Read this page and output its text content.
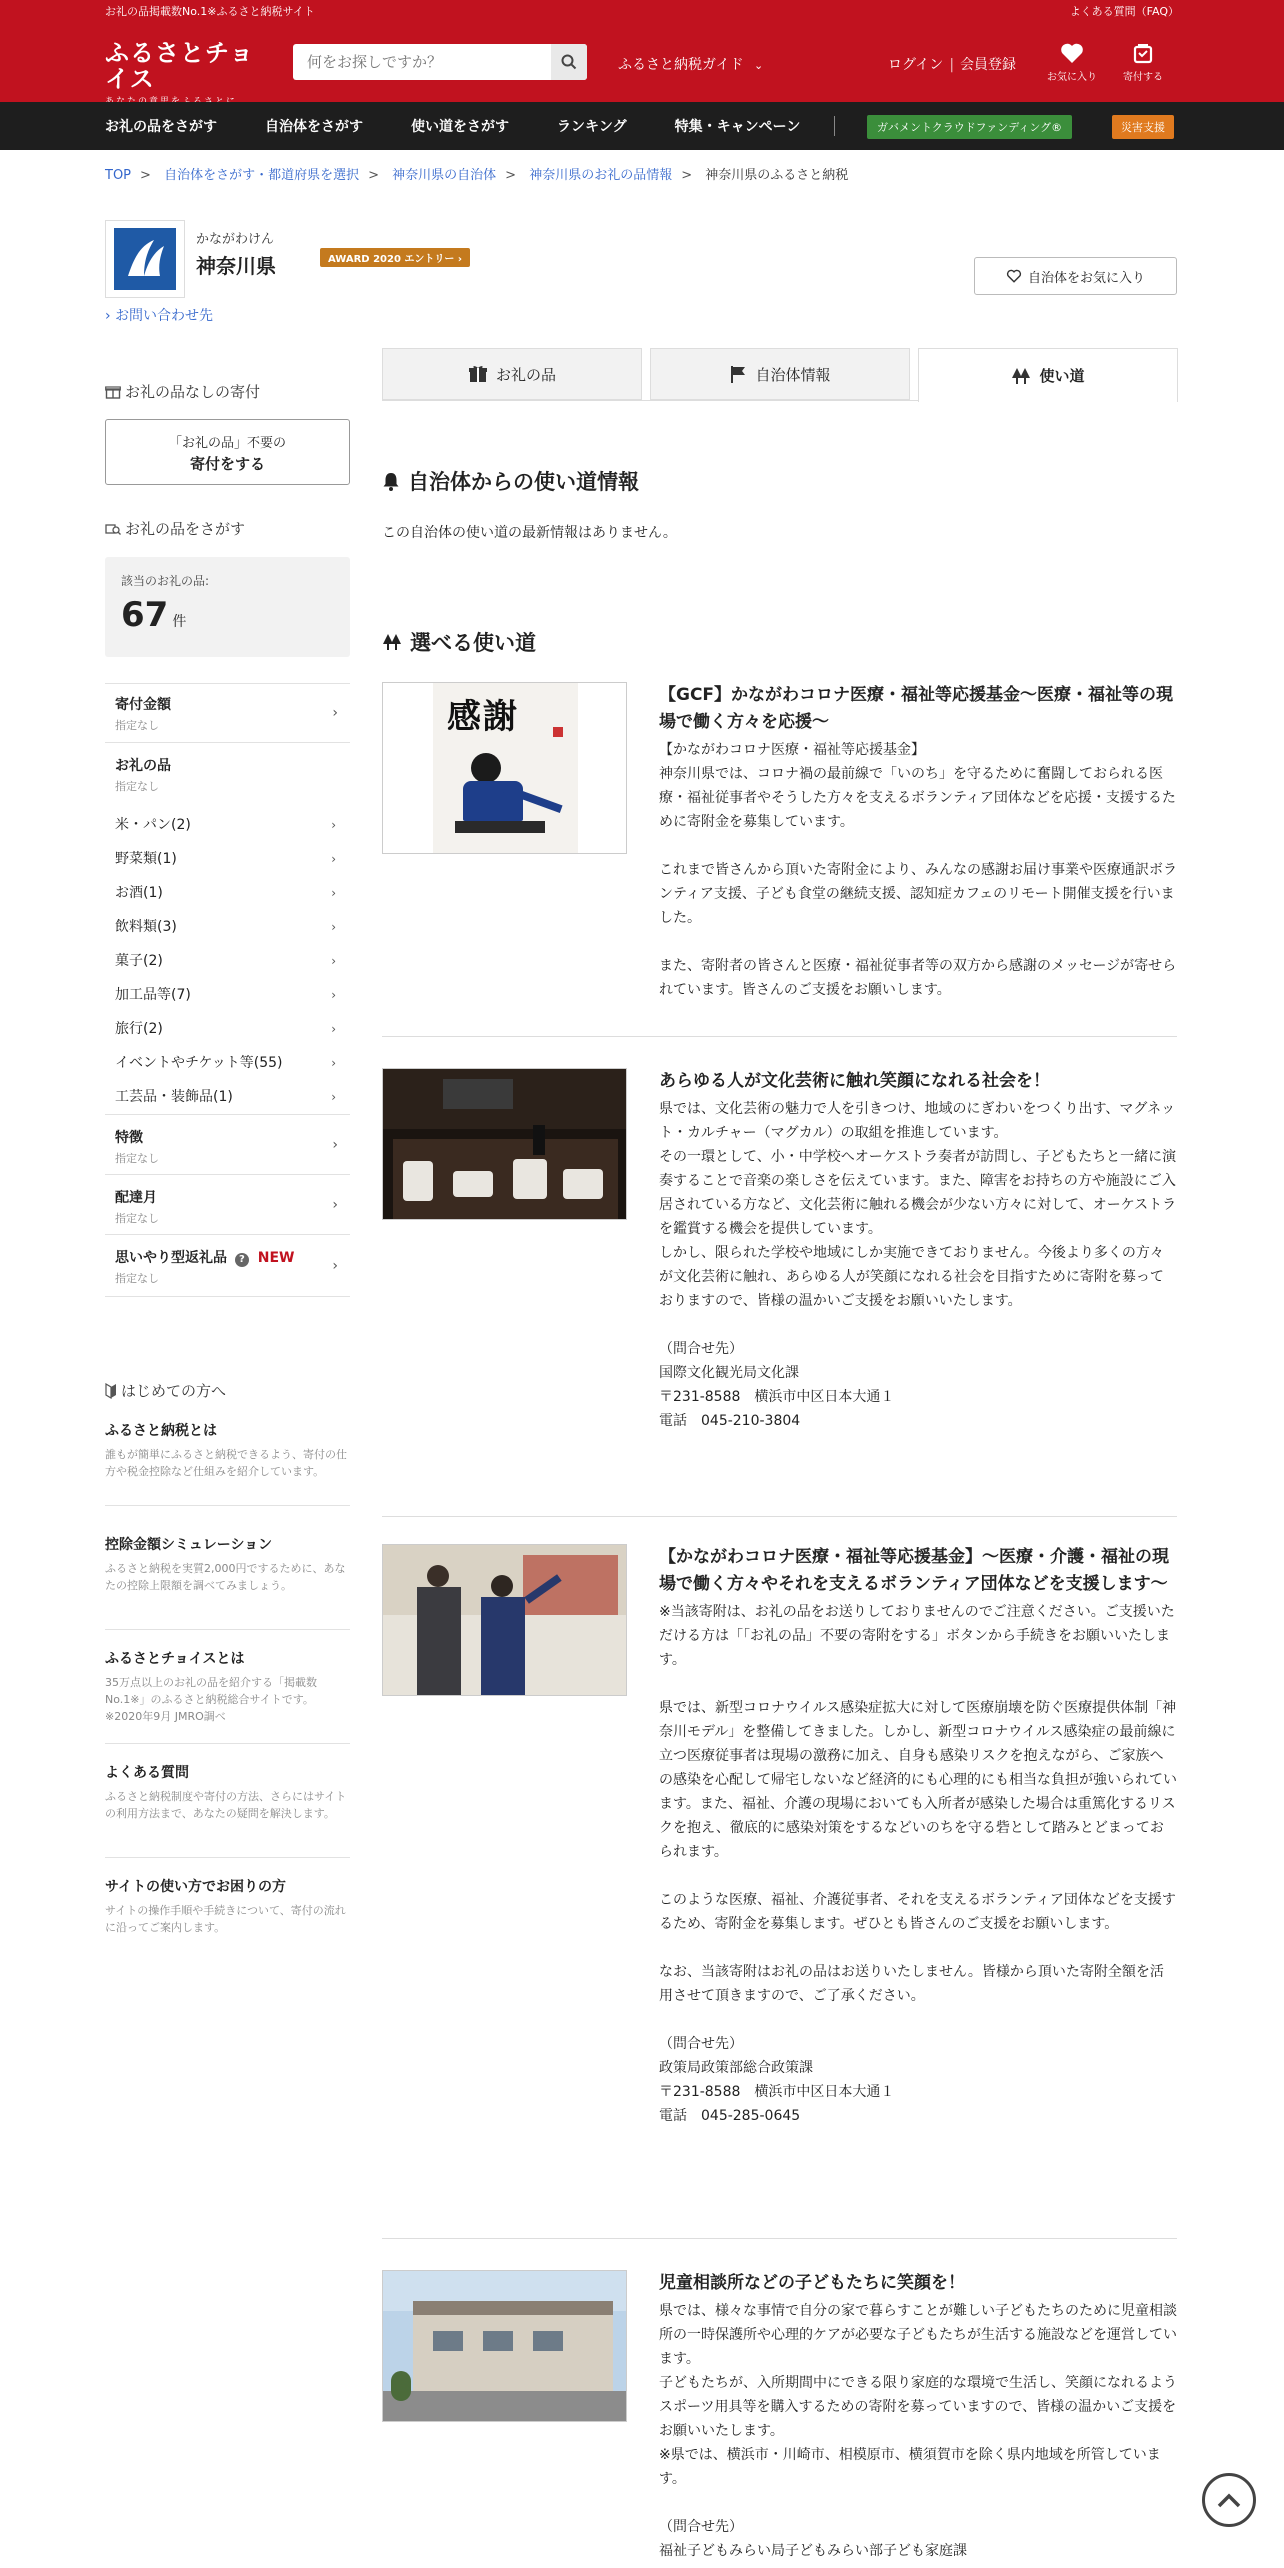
お礼の品掲載数No.1※ふるさと納税サイト	よくある質問（FAQ）
ふるさとチョイス
何をお探しですか？	ふるさと納税ガイド ⌄	ログイン | 会員登録
お気に入り	寄付する
お礼の品をさがす	自治体をさがす	使い道をさがす	ランキング	特集・キャンペーン	ガバメントクラウドファンディング®	災害支援
TOP > 自治体をさがす・都道府県を選択 > 神奈川県の自治体 > 神奈川県のお礼の品情報 > 神奈川県のふるさと納税
かながわけん
神奈川県	AWARD 2020 エントリー ›
› お問い合わせ先
自治体をお気に入り
お礼の品なしの寄付
「お礼の品」不要の
寄付をする
お礼の品をさがす
該当のお礼の品:
67 件
寄付金額
指定なし
›
お礼の品
指定なし
米・パン(2)	›
野菜類(1)	›
お酒(1)	›
飲料類(3)	›
菓子(2)	›
加工品等(7)	›
旅行(2)	›
イベントやチケット等(55)	›
工芸品・装飾品(1)	›
特徴
指定なし
›
配達月
指定なし
›
思いやり型返礼品 ? NEW
指定なし
›
はじめての方へ
ふるさと納税とは
誰もが簡単にふるさと納税できるよう、寄付の仕方や税金控除など仕組みを紹介しています。
控除金額シミュレーション
ふるさと納税を実質2,000円でするために、あなたの控除上限額を調べてみましょう。
ふるさとチョイスとは
35万点以上のお礼の品を紹介する「掲載数No.1※」のふるさと納税総合サイトです。※2020年9月 JMRO調べ
よくある質問
ふるさと納税制度や寄付の方法、さらにはサイトの利用方法まで、あなたの疑問を解決します。
サイトの使い方でお困りの方
サイトの操作手順や手続きについて、寄付の流れに沿ってご案内します。
お礼の品	自治体情報	使い道
自治体からの使い道情報
この自治体の使い道の最新情報はありません。
選べる使い道
感謝
【GCF】かながわコロナ医療・福祉等応援基金～医療・福祉等の現場で働く方々を応援～
【かながわコロナ医療・福祉等応援基金】
神奈川県では、コロナ禍の最前線で「いのち」を守るために奮闘しておられる医療・福祉従事者やそうした方々を支えるボランティア団体などを応援・支援するために寄附金を募集しています。

これまで皆さんから頂いた寄附金により、みんなの感謝お届け事業や医療通訳ボランティア支援、子ども食堂の継続支援、認知症カフェのリモート開催支援を行いました。

また、寄附者の皆さんと医療・福祉従事者等の双方から感謝のメッセージが寄せられています。皆さんのご支援をお願いします。
あらゆる人が文化芸術に触れ笑顔になれる社会を！
県では、文化芸術の魅力で人を引きつけ、地域のにぎわいをつくり出す、マグネット・カルチャー（マグカル）の取組を推進しています。
その一環として、小・中学校へオーケストラ奏者が訪問し、子どもたちと一緒に演奏することで音楽の楽しさを伝えています。また、障害をお持ちの方や施設にご入居されている方など、文化芸術に触れる機会が少ない方々に対して、オーケストラを鑑賞する機会を提供しています。
しかし、限られた学校や地域にしか実施できておりません。今後より多くの方々が文化芸術に触れ、あらゆる人が笑顔になれる社会を目指すために寄附を募っておりますので、皆様の温かいご支援をお願いいたします。

（問合せ先）
国際文化観光局文化課
〒231-8588　横浜市中区日本大通１
電話　045-210-3804
【かながわコロナ医療・福祉等応援基金】～医療・介護・福祉の現場で働く方々やそれを支えるボランティア団体などを支援します～
※当該寄附は、お礼の品をお送りしておりませんのでご注意ください。ご支援いただける方は「「お礼の品」不要の寄附をする」ボタンから手続きをお願いいたします。

県では、新型コロナウイルス感染症拡大に対して医療崩壊を防ぐ医療提供体制「神奈川モデル」を整備してきました。しかし、新型コロナウイルス感染症の最前線に立つ医療従事者は現場の激務に加え、自身も感染リスクを抱えながら、ご家族への感染を心配して帰宅しないなど経済的にも心理的にも相当な負担が強いられています。また、福祉、介護の現場においても入所者が感染した場合は重篤化するリスクを抱え、徹底的に感染対策をするなどいのちを守る砦として踏みとどまっておられます。

このような医療、福祉、介護従事者、それを支えるボランティア団体などを支援するため、寄附金を募集します。ぜひとも皆さんのご支援をお願いします。

なお、当該寄附はお礼の品はお送りいたしません。皆様から頂いた寄附全額を活用させて頂きますので、ご了承ください。

（問合せ先）
政策局政策部総合政策課
〒231-8588　横浜市中区日本大通１
電話　045-285-0645
児童相談所などの子どもたちに笑顔を！
県では、様々な事情で自分の家で暮らすことが難しい子どもたちのために児童相談所の一時保護所や心理的ケアが必要な子どもたちが生活する施設などを運営しています。
子どもたちが、入所期間中にできる限り家庭的な環境で生活し、笑顔になれるようスポーツ用具等を購入するための寄附を募っていますので、皆様の温かいご支援をお願いいたします。
※県では、横浜市・川崎市、相模原市、横須賀市を除く県内地域を所管しています。

（問合せ先）
福祉子どもみらい局子どもみらい部子ども家庭課
